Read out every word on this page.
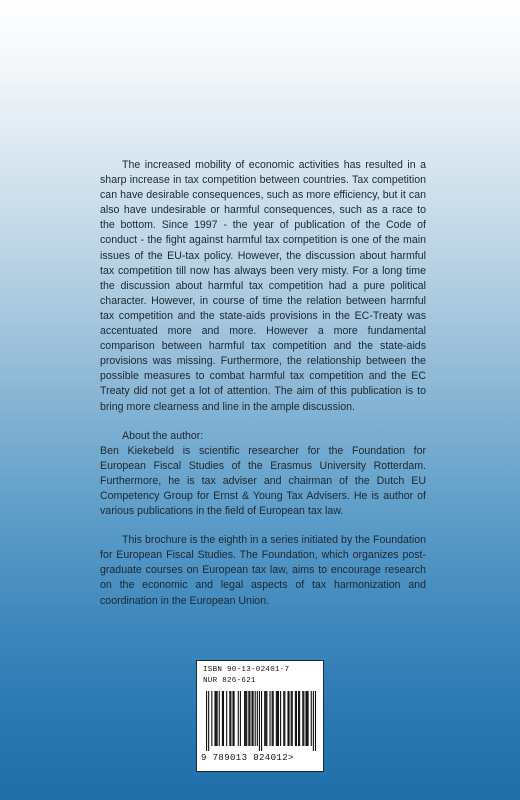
The increased mobility of economic activities has resulted in a sharp increase in tax competition between countries. Tax competition can have desirable consequences, such as more efficiency, but it can also have undesirable or harmful consequences, such as a race to the bottom. Since 1997 - the year of publication of the Code of conduct - the fight against harmful tax competition is one of the main issues of the EU-tax policy. However, the discussion about harmful tax competition till now has always been very misty. For a long time the discussion about harmful tax competition had a pure political character. However, in course of time the relation between harmful tax competition and the state-aids provisions in the EC-Treaty was accentuated more and more. However a more fundamental comparison between harmful tax competition and the state-aids provisions was missing. Furthermore, the relationship between the possible measures to combat harmful tax competition and the EC Treaty did not get a lot of attention. The aim of this publication is to bring more clearness and line in the ample discussion.

About the author:

Ben Kiekebeld is scientific researcher for the Foundation for European Fiscal Studies of the Erasmus University Rotterdam. Furthermore, he is tax adviser and chairman of the Dutch EU Competency Group for Ernst & Young Tax Advisers. He is author of various publications in the field of European tax law.

This brochure is the eighth in a series initiated by the Foundation for European Fiscal Studies. The Foundation, which organizes post-graduate courses on European tax law, aims to encourage research on the economic and legal aspects of tax harmonization and coordination in the European Union.

ISBN 90-13-02401-7
NUR 826-621
9 789013 024012>
